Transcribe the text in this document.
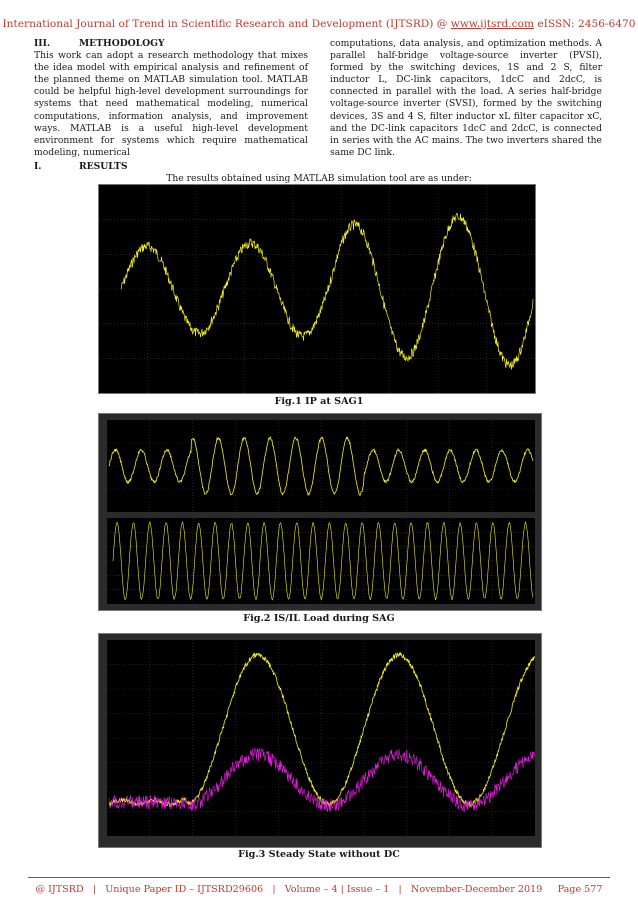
International Journal of Trend in Scientific Research and Development (IJTSRD) @ www.ijtsrd.com eISSN: 2456-6470
III.	METHODOLOGY
This work can adopt a research methodology that mixes the idea model with empirical analysis and refinement of the planned theme on MATLAB simulation tool. MATLAB could be helpful high-level development surroundings for systems that need mathematical modeling, numerical computations, information analysis, and improvement ways. MATLAB is a useful high-level development environment for systems which require mathematical modeling, numerical
computations, data analysis, and optimization methods. A parallel half-bridge voltage-source inverter (PVSI), formed by the switching devices, 1S and 2 S, filter inductor L, DC-link capacitors, 1dcC and 2dcC, is connected in parallel with the load. A series half-bridge voltage-source inverter (SVSI), formed by the switching devices, 3S and 4 S, filter inductor xL filter capacitor xC, and the DC-link capacitors 1dcC and 2dcC, is connected in series with the AC mains. The two inverters shared the same DC link.
I.	RESULTS
The results obtained using MATLAB simulation tool are as under:
Fig.1 IP at SAG1
Fig.2 IS/IL Load during SAG
Fig.3 Steady State without DC
@ IJTSRD   |   Unique Paper ID – IJTSRD29606   |   Volume – 4 | Issue – 1   |   November-December 2019     Page 577
